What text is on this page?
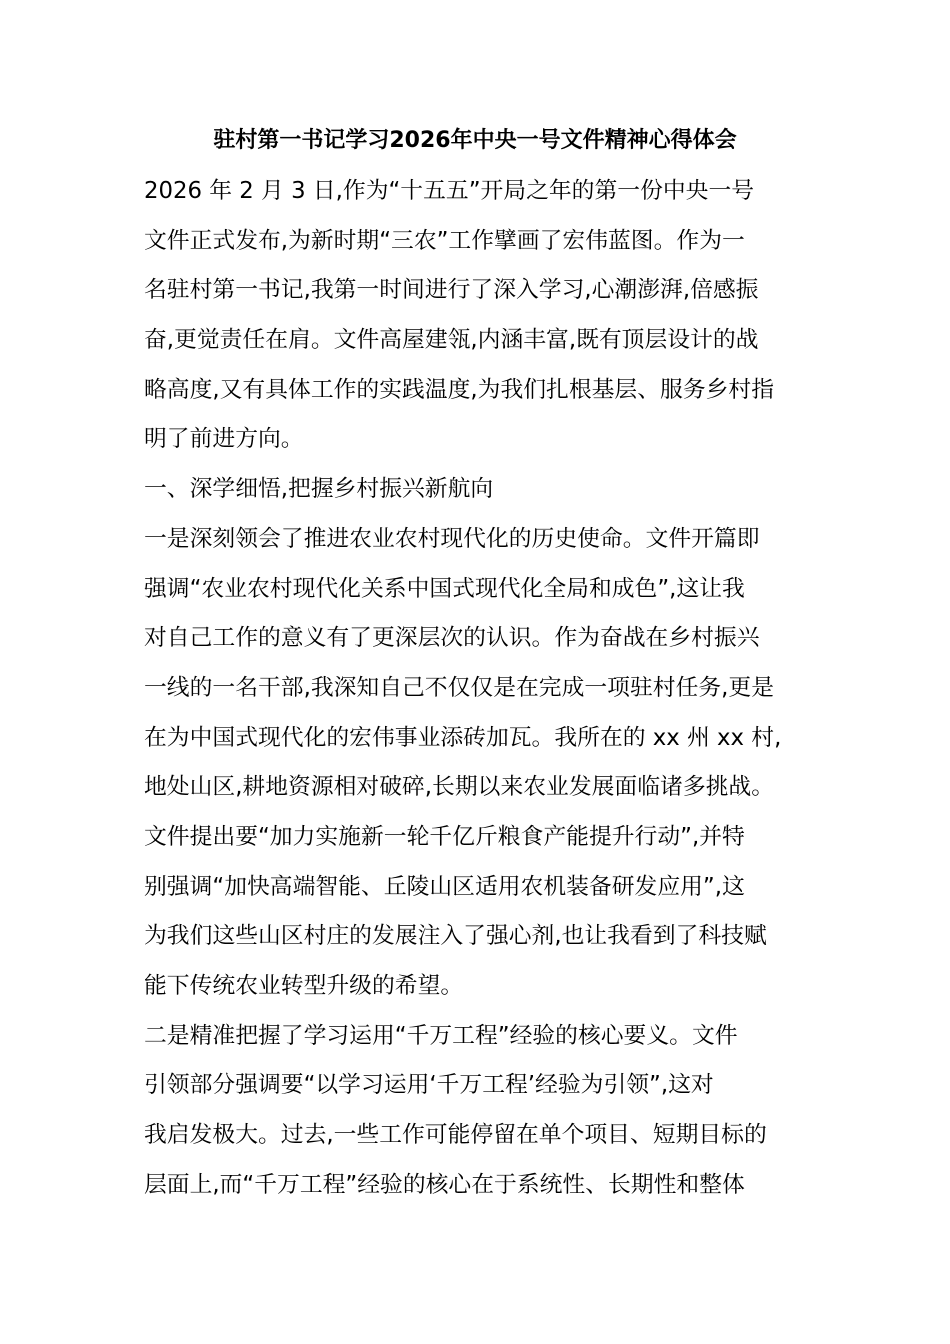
驻村第一书记学习2026年中央一号文件精神心得体会
2026 年 2 月 3 日,作为“十五五”开局之年的第一份中央一号
文件正式发布,为新时期“三农”工作擘画了宏伟蓝图。作为一
名驻村第一书记,我第一时间进行了深入学习,心潮澎湃,倍感振
奋,更觉责任在肩。文件高屋建瓴,内涵丰富,既有顶层设计的战
略高度,又有具体工作的实践温度,为我们扎根基层、服务乡村指
明了前进方向。
一、深学细悟,把握乡村振兴新航向
一是深刻领会了推进农业农村现代化的历史使命。文件开篇即
强调“农业农村现代化关系中国式现代化全局和成色”,这让我
对自己工作的意义有了更深层次的认识。作为奋战在乡村振兴
一线的一名干部,我深知自己不仅仅是在完成一项驻村任务,更是
在为中国式现代化的宏伟事业添砖加瓦。我所在的 xx 州 xx 村,
地处山区,耕地资源相对破碎,长期以来农业发展面临诸多挑战。
文件提出要“加力实施新一轮千亿斤粮食产能提升行动”,并特
别强调“加快高端智能、丘陵山区适用农机装备研发应用”,这
为我们这些山区村庄的发展注入了强心剂,也让我看到了科技赋
能下传统农业转型升级的希望。
二是精准把握了学习运用“千万工程”经验的核心要义。文件
引领部分强调要“以学习运用‘千万工程’经验为引领”,这对
我启发极大。过去,一些工作可能停留在单个项目、短期目标的
层面上,而“千万工程”经验的核心在于系统性、长期性和整体
